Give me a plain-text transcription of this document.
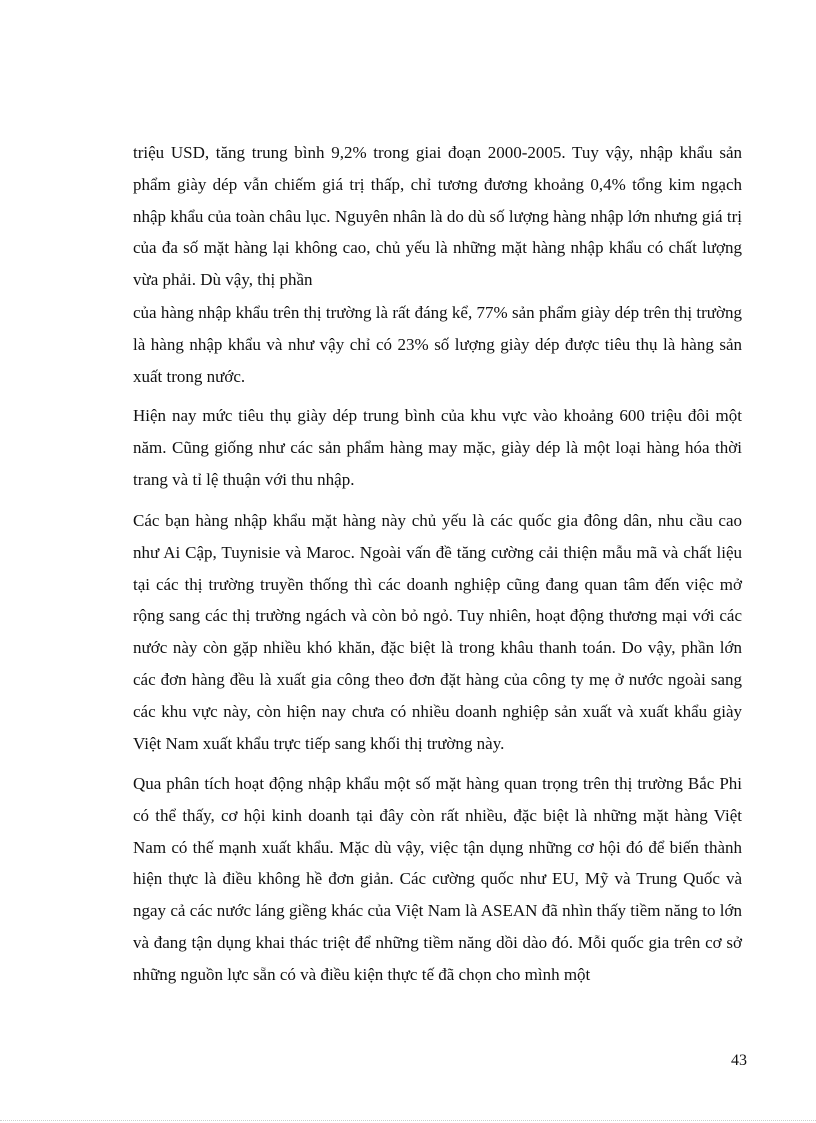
triệu USD, tăng trung bình 9,2% trong giai đoạn 2000-2005. Tuy vậy, nhập khẩu sản phẩm giày dép vẫn chiếm giá trị thấp, chỉ tương đương khoảng 0,4% tổng kim ngạch nhập khẩu của toàn châu lục. Nguyên nhân là do dù số lượng hàng nhập lớn nhưng giá trị của đa số mặt hàng lại không cao, chủ yếu là những mặt hàng nhập khẩu có chất lượng vừa phải. Dù vậy, thị phần

của hàng nhập khẩu trên thị trường là rất đáng kể, 77% sản phẩm giày dép trên thị trường là hàng nhập khẩu và như vậy chỉ có 23% số lượng giày dép được tiêu thụ là hàng sản xuất trong nước.

Hiện nay mức tiêu thụ giày dép trung bình của khu vực vào khoảng 600 triệu đôi một năm. Cũng giống như các sản phẩm hàng may mặc, giày dép là một loại hàng hóa thời trang và tỉ lệ thuận với thu nhập.

Các bạn hàng nhập khẩu mặt hàng này chủ yếu là các quốc gia đông dân, nhu cầu cao như Ai Cập, Tuynisie và Maroc. Ngoài vấn đề tăng cường cải thiện mẫu mã và chất liệu tại các thị trường truyền thống thì các doanh nghiệp cũng đang quan tâm đến việc mở rộng sang các thị trường ngách và còn bỏ ngỏ. Tuy nhiên, hoạt động thương mại với các nước này còn gặp nhiều khó khăn, đặc biệt là trong khâu thanh toán. Do vậy, phần lớn các đơn hàng đều là xuất gia công theo đơn đặt hàng của công ty mẹ ở nước ngoài sang các khu vực này, còn hiện nay chưa có nhiều doanh nghiệp sản xuất và xuất khẩu giày Việt Nam xuất khẩu trực tiếp sang khối thị trường này.

Qua phân tích hoạt động nhập khẩu một số mặt hàng quan trọng trên thị trường Bắc Phi có thể thấy, cơ hội kinh doanh tại đây còn rất nhiều, đặc biệt là những mặt hàng Việt Nam có thế mạnh xuất khẩu. Mặc dù vậy, việc tận dụng những cơ hội đó để biến thành hiện thực là điều không hề đơn giản. Các cường quốc như EU, Mỹ và Trung Quốc và ngay cả các nước láng giềng khác của Việt Nam là ASEAN đã nhìn thấy tiềm năng to lớn và đang tận dụng khai thác triệt để những tiềm năng dồi dào đó. Mỗi quốc gia trên cơ sở những nguồn lực sẵn có và điều kiện thực tế đã chọn cho mình một

43
